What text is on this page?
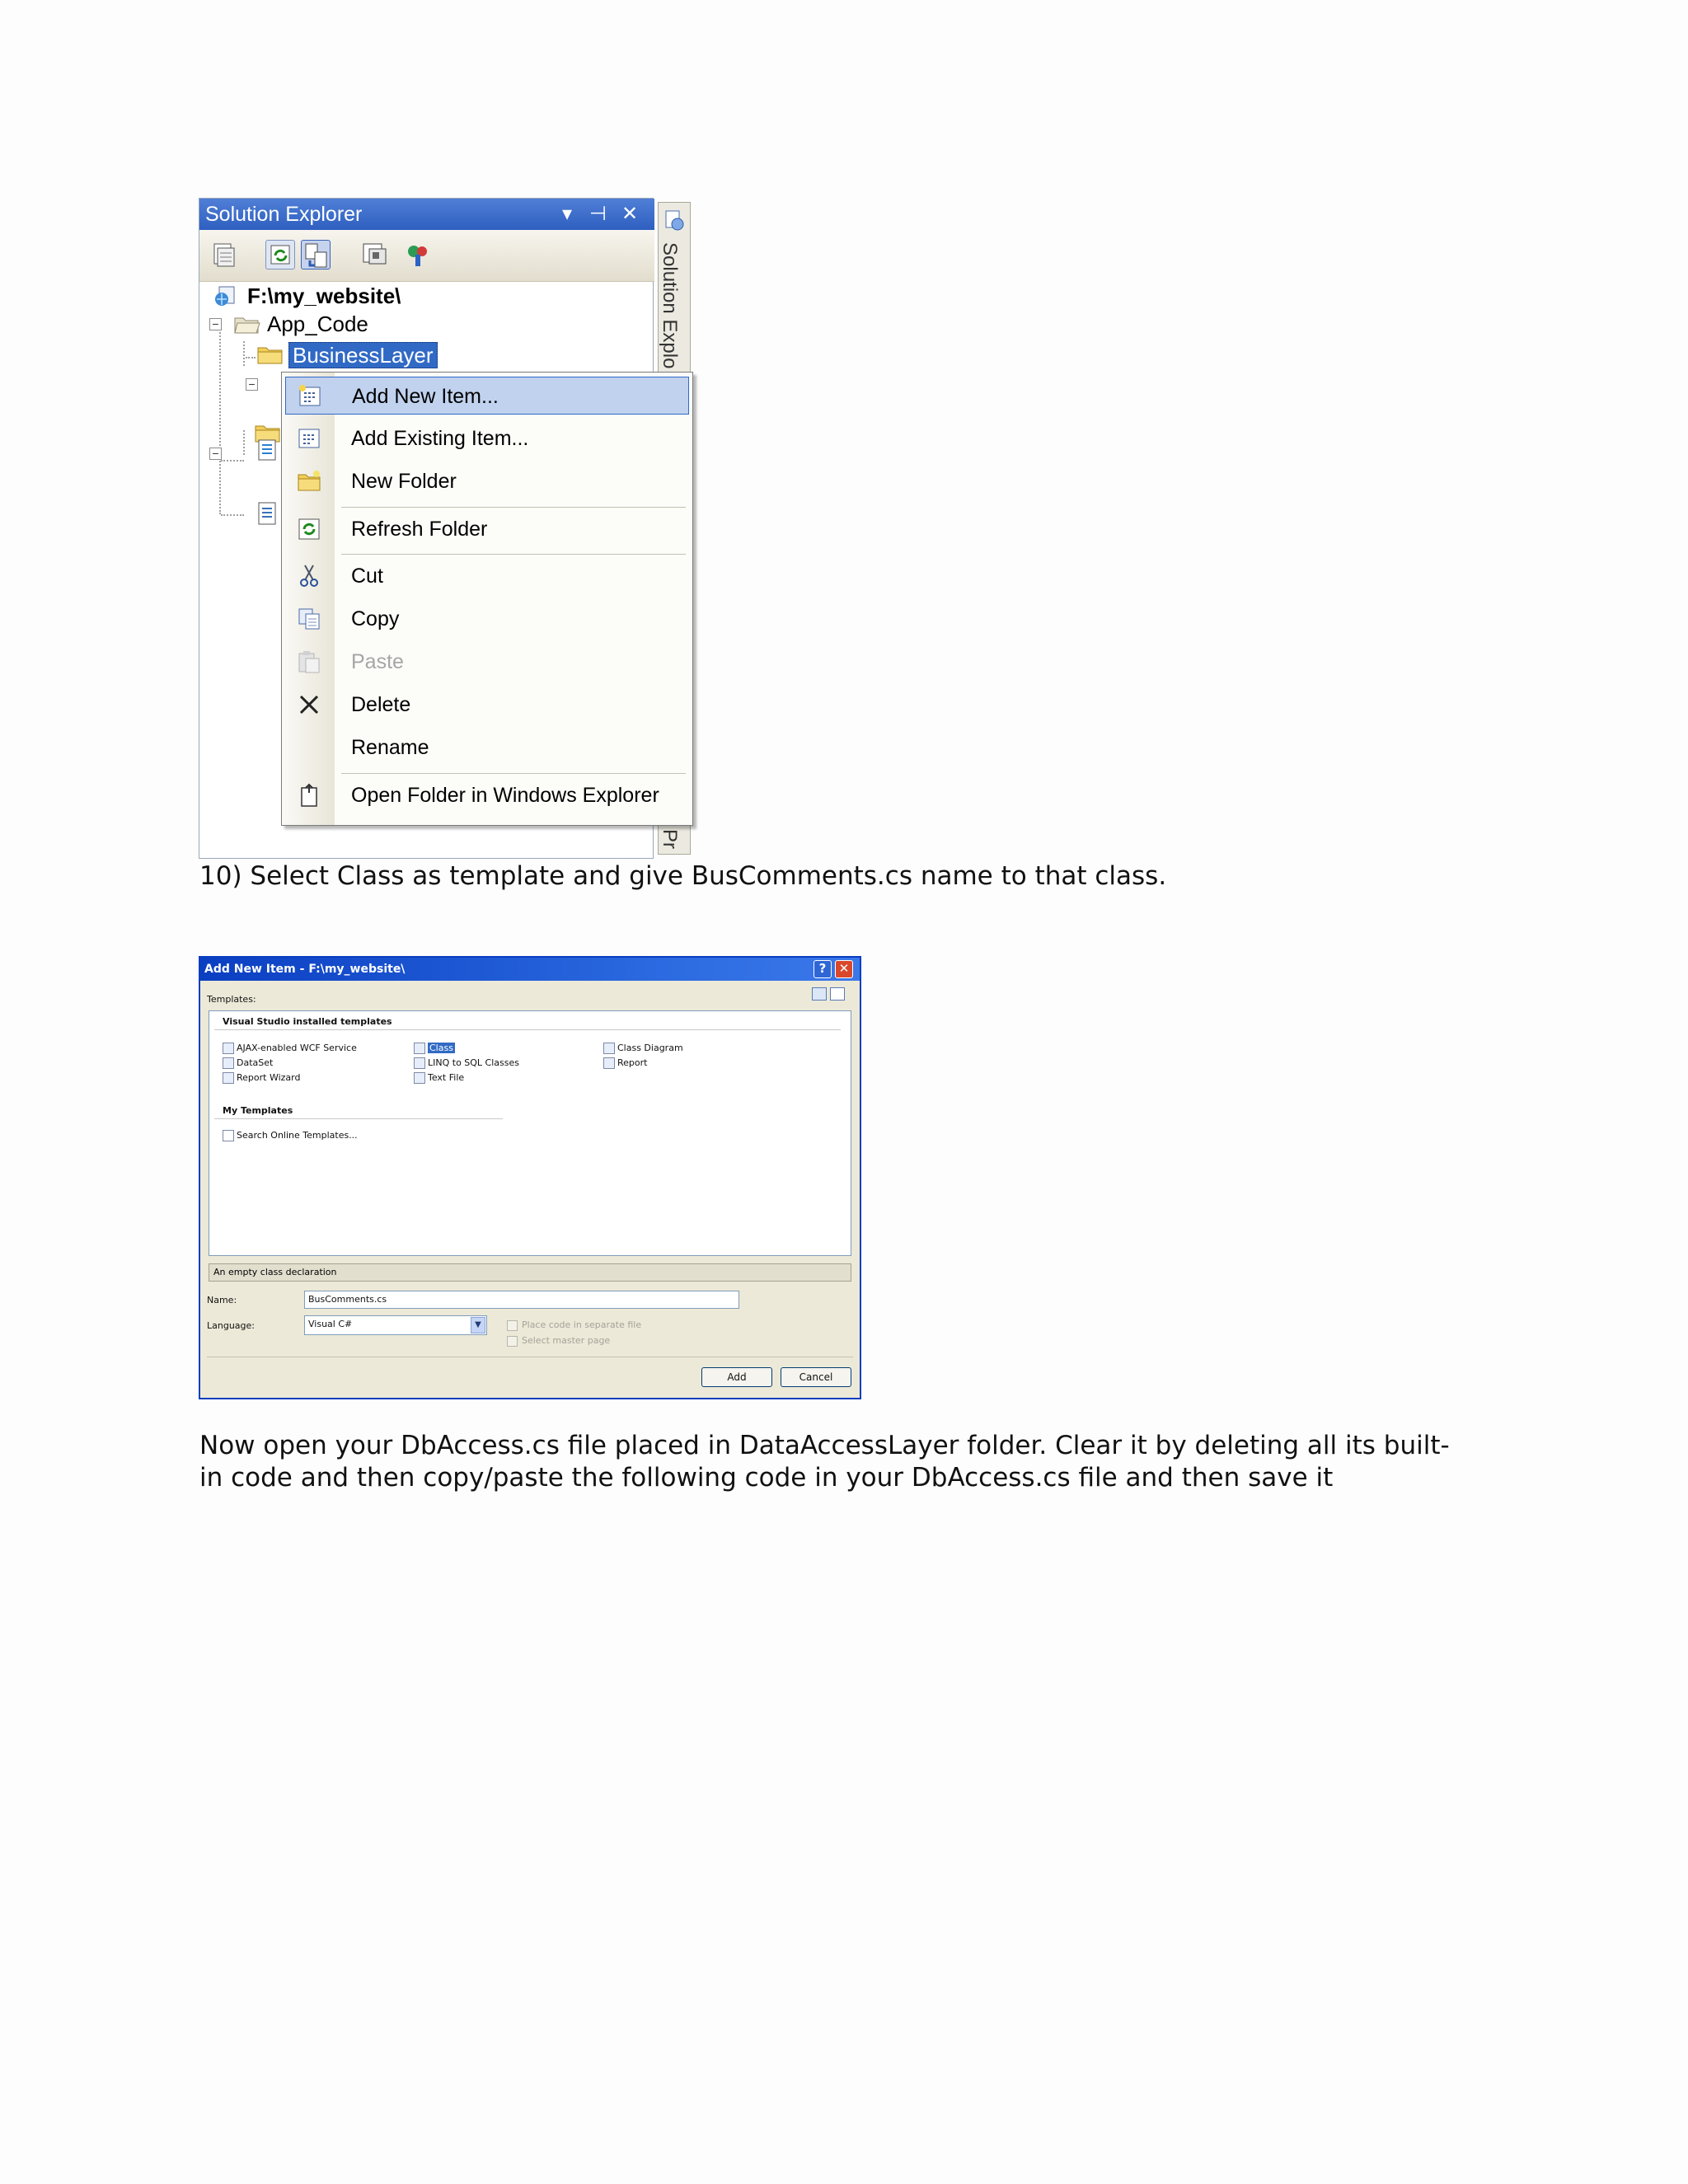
Solution Explorer	▾ ⊣ ✕
F:\my_website\
− App_Code
BusinessLayer
−
−
Solution Explo
Pr
Add New Item...
Add Existing Item...
New Folder
Refresh Folder
Cut
Copy
Paste
Delete
Rename
Open Folder in Windows Explorer
10) Select Class as template and give BusComments.cs name to that class.
Add New Item - F:\my_website\	?	✕
Templates:
Visual Studio installed templates
AJAX-enabled WCF Service
DataSet
Report Wizard
Class
LINQ to SQL Classes
Text File
Class Diagram
Report
My Templates
Search Online Templates...
An empty class declaration
Name:	BusComments.cs
Language:	Visual C#	▼	Place code in separate file
Select master page
Add	Cancel
Now open your DbAccess.cs file placed in DataAccessLayer folder. Clear it by deleting all its built-
in code and then copy/paste the following code in your DbAccess.cs file and then save it
